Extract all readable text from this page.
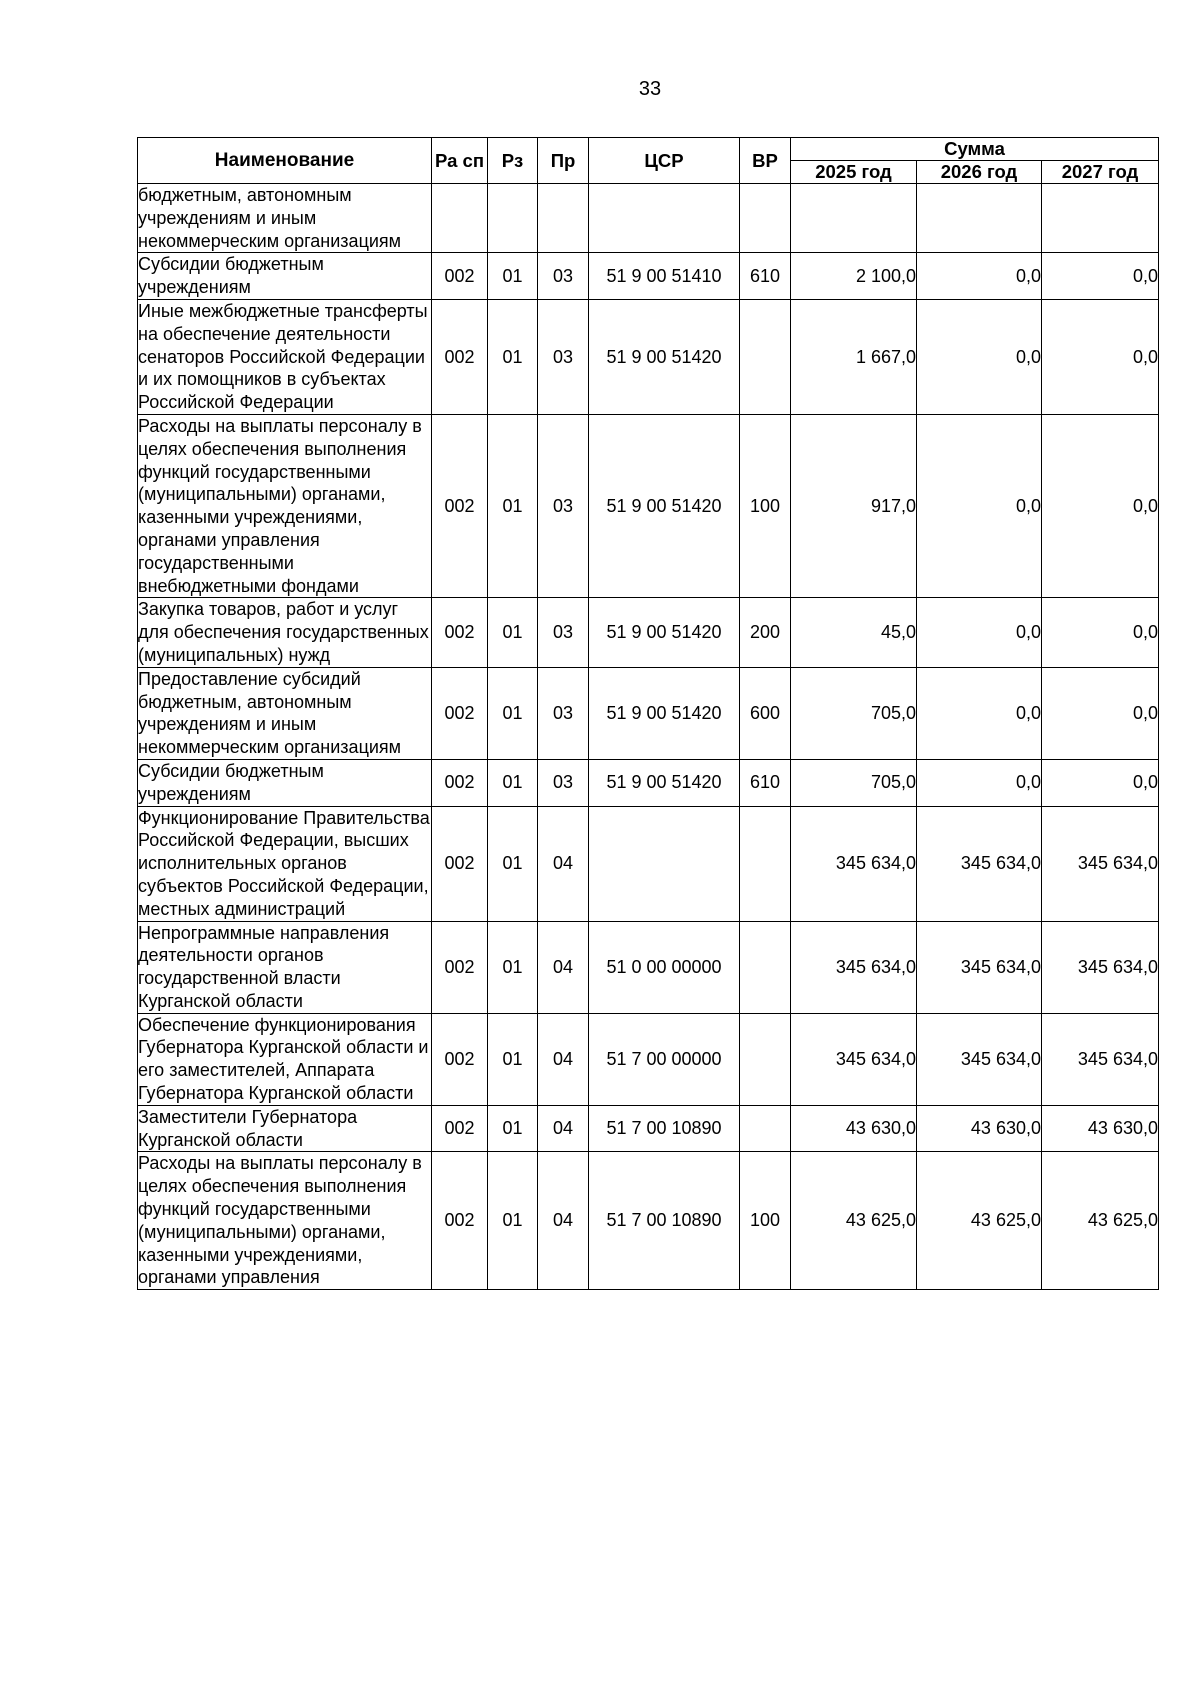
33
Наименование	Ра сп	Рз	Пр	ЦСР	ВР	Сумма		
						2025 год	2026 год	2027 год
бюджетным, автономным учреждениям и иным некоммерческим организациям								
Субсидии бюджетным учреждениям	002	01	03	51 9 00 51410	610	2 100,0	0,0	0,0
Иные межбюджетные трансферты на обеспечение деятельности сенаторов Российской Федерации и их помощников в субъектах Российской Федерации	002	01	03	51 9 00 51420		1 667,0	0,0	0,0
Расходы на выплаты персоналу в целях обеспечения выполнения функций государственными (муниципальными) органами, казенными учреждениями, органами управления государственными внебюджетными фондами	002	01	03	51 9 00 51420	100	917,0	0,0	0,0
Закупка товаров, работ и услуг для обеспечения государственных (муниципальных) нужд	002	01	03	51 9 00 51420	200	45,0	0,0	0,0
Предоставление субсидий бюджетным, автономным учреждениям и иным некоммерческим организациям	002	01	03	51 9 00 51420	600	705,0	0,0	0,0
Субсидии бюджетным учреждениям	002	01	03	51 9 00 51420	610	705,0	0,0	0,0
Функционирование Правительства Российской Федерации, высших исполнительных органов субъектов Российской Федерации, местных администраций	002	01	04			345 634,0	345 634,0	345 634,0
Непрограммные направления деятельности органов государственной власти Курганской области	002	01	04	51 0 00 00000		345 634,0	345 634,0	345 634,0
Обеспечение функционирования Губернатора Курганской области и его заместителей, Аппарата Губернатора Курганской области	002	01	04	51 7 00 00000		345 634,0	345 634,0	345 634,0
Заместители Губернатора Курганской области	002	01	04	51 7 00 10890		43 630,0	43 630,0	43 630,0
Расходы на выплаты персоналу в целях обеспечения выполнения функций государственными (муниципальными) органами, казенными учреждениями, органами управления	002	01	04	51 7 00 10890	100	43 625,0	43 625,0	43 625,0
